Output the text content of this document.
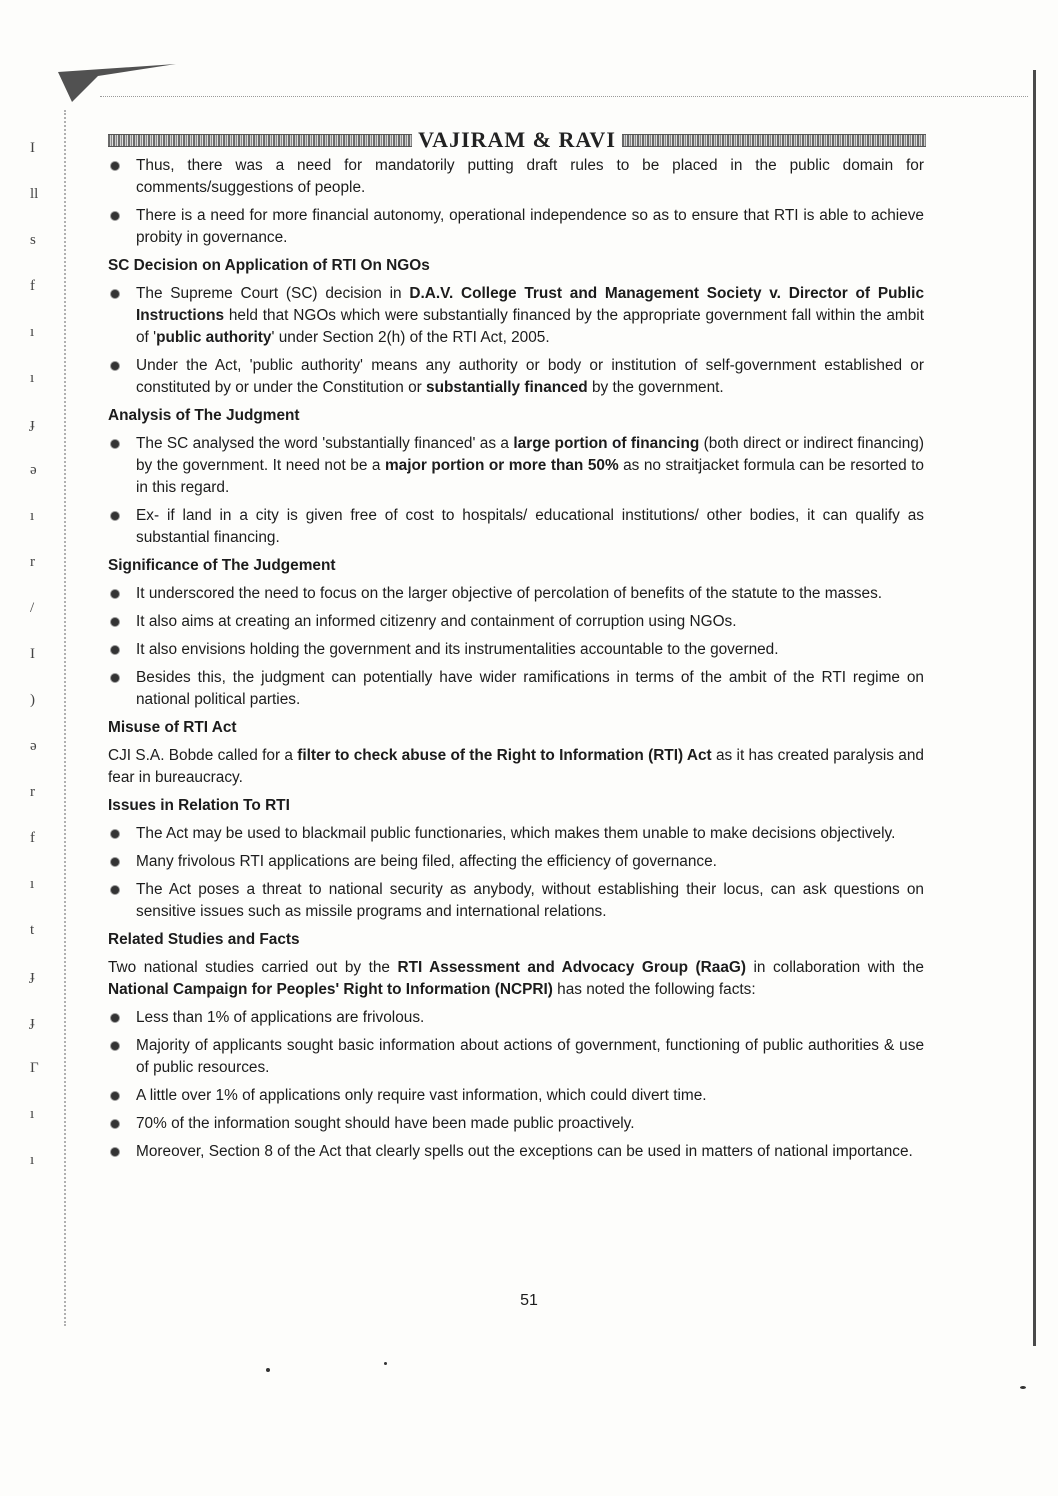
I
ll
s
f
ı
ı
ɟ
ə
ı
r
/
I
)
ə
r
f
ı
t
ɟ
ɟ
Γ
ı
ı
VAJIRAM & RAVI
Thus, there was a need for mandatorily putting draft rules to be placed in the public domain for comments/suggestions of people.
There is a need for more financial autonomy, operational independence so as to ensure that RTI is able to achieve probity in governance.
SC Decision on Application of RTI On NGOs
The Supreme Court (SC) decision in D.A.V. College Trust and Management Society v. Director of Public Instructions held that NGOs which were substantially financed by the appropriate government fall within the ambit of 'public authority' under Section 2(h) of the RTI Act, 2005.
Under the Act, 'public authority' means any authority or body or institution of self-government established or constituted by or under the Constitution or substantially financed by the government.
Analysis of The Judgment
The SC analysed the word 'substantially financed' as a large portion of financing (both direct or indirect financing) by the government. It need not be a major portion or more than 50% as no straitjacket formula can be resorted to in this regard.
Ex- if land in a city is given free of cost to hospitals/ educational institutions/ other bodies, it can qualify as substantial financing.
Significance of The Judgement
It underscored the need to focus on the larger objective of percolation of benefits of the statute to the masses.
It also aims at creating an informed citizenry and containment of corruption using NGOs.
It also envisions holding the government and its instrumentalities accountable to the governed.
Besides this, the judgment can potentially have wider ramifications in terms of the ambit of the RTI regime on national political parties.
Misuse of RTI Act
CJI S.A. Bobde called for a filter to check abuse of the Right to Information (RTI) Act as it has created paralysis and fear in bureaucracy.
Issues in Relation To RTI
The Act may be used to blackmail public functionaries, which makes them unable to make decisions objectively.
Many frivolous RTI applications are being filed, affecting the efficiency of governance.
The Act poses a threat to national security as anybody, without establishing their locus, can ask questions on sensitive issues such as missile programs and international relations.
Related Studies and Facts
Two national studies carried out by the RTI Assessment and Advocacy Group (RaaG) in collaboration with the National Campaign for Peoples' Right to Information (NCPRI) has noted the following facts:
Less than 1% of applications are frivolous.
Majority of applicants sought basic information about actions of government, functioning of public authorities & use of public resources.
A little over 1% of applications only require vast information, which could divert time.
70% of the information sought should have been made public proactively.
Moreover, Section 8 of the Act that clearly spells out the exceptions can be used in matters of national importance.
51
